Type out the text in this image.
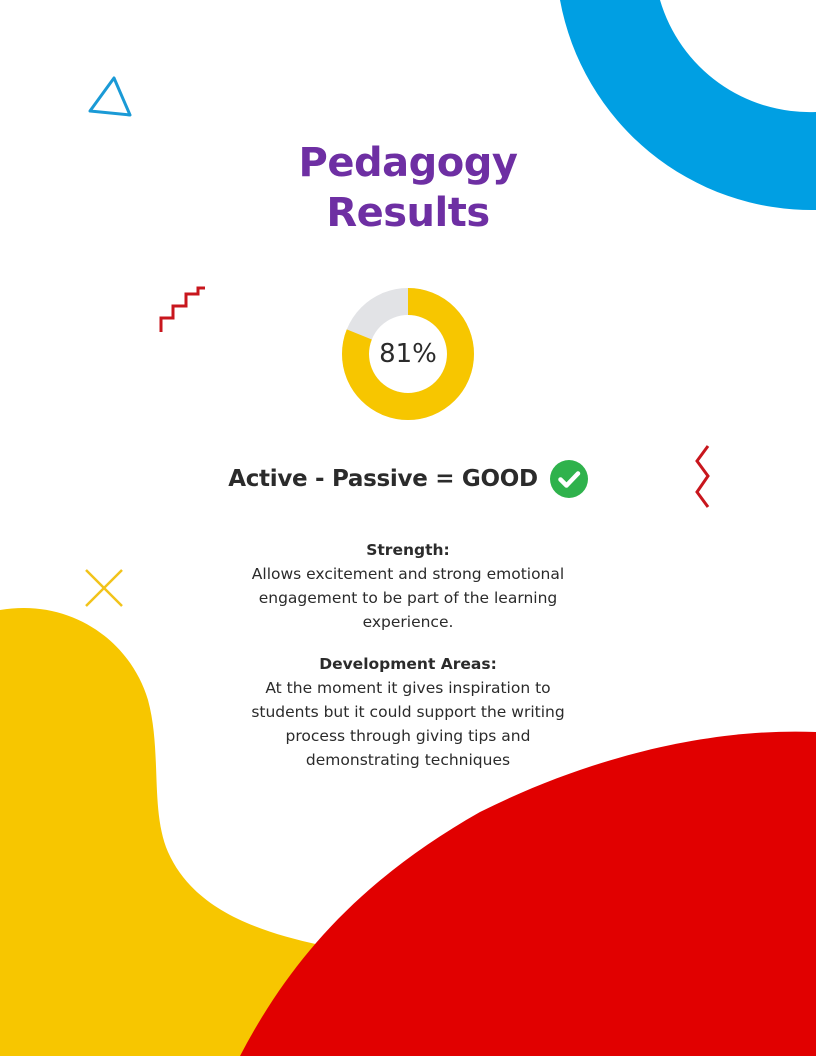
Pedagogy
Results
81%
Active - Passive = GOOD
Strength:
Allows excitement and strong emotional
engagement to be part of the learning
experience.
Development Areas:
At the moment it gives inspiration to
students but it could support the writing
process through giving tips and
demonstrating techniques
